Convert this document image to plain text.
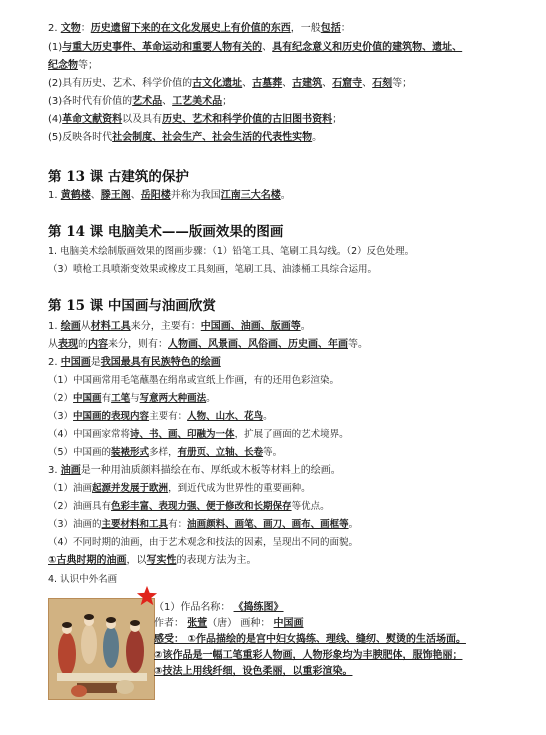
2. 文物：历史遗留下来的在文化发展史上有价值的东西，一般包括：
(1)与重大历史事件、革命运动和重要人物有关的、具有纪念意义和历史价值的建筑物、遗址、
纪念物等；
(2)具有历史、艺术、科学价值的古文化遗址、古墓葬、古建筑、石窟寺、石刻等；
(3)各时代有价值的艺术品、工艺美术品；
(4)革命文献资料以及具有历史、艺术和科学价值的古旧图书资料；
(5)反映各时代社会制度、社会生产、社会生活的代表性实物。
第 13 课 古建筑的保护
1. 黄鹤楼、滕王阁、岳阳楼并称为我国江南三大名楼。
第 14 课 电脑美术——版画效果的图画
1. 电脑美术绘制版画效果的图画步骤：（1）铅笔工具、笔刷工具勾线。（2）反色处理。
（3）喷枪工具喷渐变效果或橡皮工具刻画，笔刷工具、油漆桶工具综合运用。
第 15 课 中国画与油画欣赏
1. 绘画从材料工具来分，主要有：中国画、油画、版画等。
从表现的内容来分，则有：人物画、风景画、风俗画、历史画、年画等。
2. 中国画是我国最具有民族特色的绘画
（1）中国画常用毛笔蘸墨在绢帛或宣纸上作画，有的还用色彩渲染。
（2）中国画有工笔与写意两大种画法。
（3）中国画的表现内容主要有：人物、山水、花鸟。
（4）中国画家常将诗、书、画、印融为一体，扩展了画面的艺术境界。
（5）中国画的装裱形式多样，有册页、立轴、长卷等。
3. 油画是一种用油质颜料描绘在布、厚纸或木板等材料上的绘画。
（1）油画起源并发展于欧洲，到近代成为世界性的重要画种。
（2）油画具有色彩丰富、表现力强、便于修改和长期保存等优点。
（3）油画的主要材料和工具有：油画颜料、画笔、画刀、画布、画框等。
（4）不同时期的油画，由于艺术观念和技法的因素，呈现出不同的面貌。
①古典时期的油画，以写实性的表现方法为主。
4. 认识中外名画
（1）作品名称： 《捣练图》
作者： 张萱（唐） 画种： 中国画
感受： ①作品描绘的是宫中妇女捣练、理线、缝纫、熨烫的生活场面。
②该作品是一幅工笔重彩人物画，人物形象均为丰腴肥体，服饰艳丽；
③技法上用线纤细，设色柔丽，以重彩渲染。
